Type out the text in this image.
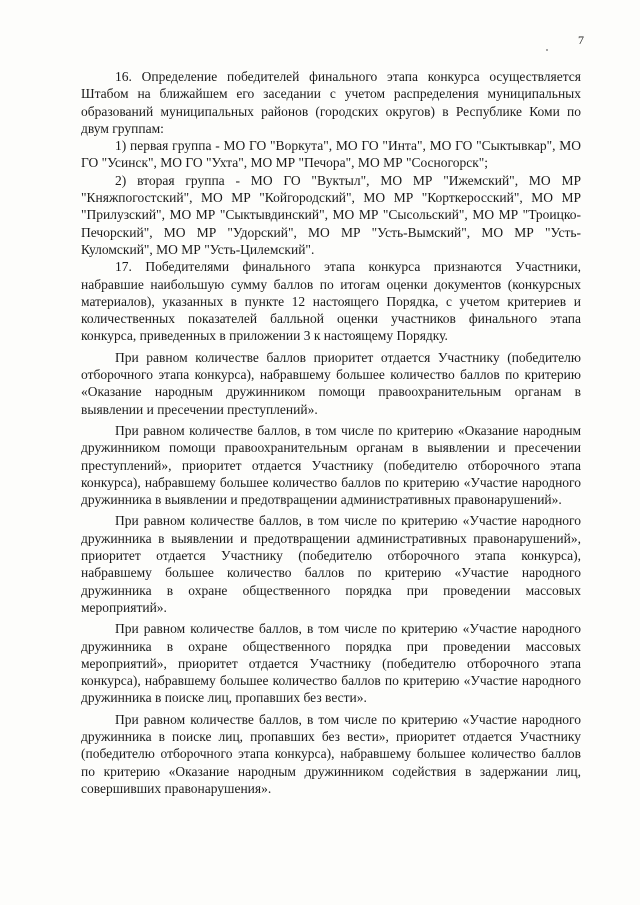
7

16. Определение победителей финального этапа конкурса осуществляется Штабом на ближайшем его заседании с учетом распределения муниципальных образований муниципальных районов (городских округов) в Республике Коми по двум группам:

1) первая группа - МО ГО "Воркута", МО ГО "Инта", МО ГО "Сыктывкар", МО ГО "Усинск", МО ГО "Ухта", МО МР "Печора", МО МР "Сосногорск";

2) вторая группа - МО ГО "Вуктыл", МО МР "Ижемский", МО МР "Княжпогостский", МО МР "Койгородский", МО МР "Корткеросский", МО МР "Прилузский", МО МР "Сыктывдинский", МО МР "Сысольский", МО МР "Троицко-Печорский", МО МР "Удорский", МО МР "Усть-Вымский", МО МР "Усть-Куломский", МО МР "Усть-Цилемский".

17. Победителями финального этапа конкурса признаются Участники, набравшие наибольшую сумму баллов по итогам оценки документов (конкурсных материалов), указанных в пункте 12 настоящего Порядка, с учетом критериев и количественных показателей балльной оценки участников финального этапа конкурса, приведенных в приложении 3 к настоящему Порядку.

При равном количестве баллов приоритет отдается Участнику (победителю отборочного этапа конкурса), набравшему большее количество баллов по критерию «Оказание народным дружинником помощи правоохранительным органам в выявлении и пресечении преступлений».

При равном количестве баллов, в том числе по критерию «Оказание народным дружинником помощи правоохранительным органам в выявлении и пресечении преступлений», приоритет отдается Участнику (победителю отборочного этапа конкурса), набравшему большее количество баллов по критерию «Участие народного дружинника в выявлении и предотвращении административных правонарушений».

При равном количестве баллов, в том числе по критерию «Участие народного дружинника в выявлении и предотвращении административных правонарушений», приоритет отдается Участнику (победителю отборочного этапа конкурса), набравшему большее количество баллов по критерию «Участие народного дружинника в охране общественного порядка при проведении массовых мероприятий».

При равном количестве баллов, в том числе по критерию «Участие народного дружинника в охране общественного порядка при проведении массовых мероприятий», приоритет отдается Участнику (победителю отборочного этапа конкурса), набравшему большее количество баллов по критерию «Участие народного дружинника в поиске лиц, пропавших без вести».

При равном количестве баллов, в том числе по критерию «Участие народного дружинника в поиске лиц, пропавших без вести», приоритет отдается Участнику (победителю отборочного этапа конкурса), набравшему большее количество баллов по критерию «Оказание народным дружинником содействия в задержании лиц, совершивших правонарушения».
